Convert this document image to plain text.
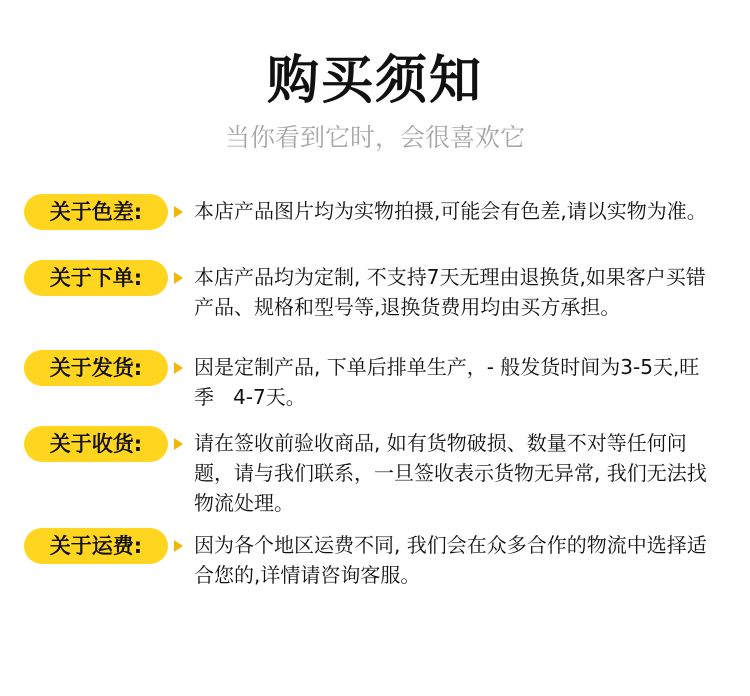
购买须知
当你看到它时，会很喜欢它
关于色差:	本店产品图片均为实物拍摄,可能会有色差,请以实物为准。
关于下单:	本店产品均为定制, 不支持7天无理由退换货,如果客户买错产品、规格和型号等,退换货费用均由买方承担。
关于发货:	因是定制产品, 下单后排单生产，- 般发货时间为3-5天,旺季   4-7天。
关于收货:	请在签收前验收商品, 如有货物破损、数量不对等任何问题，请与我们联系，一旦签收表示货物无异常, 我们无法找物流处理。
关于运费:	因为各个地区运费不同, 我们会在众多合作的物流中选择适合您的,详情请咨询客服。
